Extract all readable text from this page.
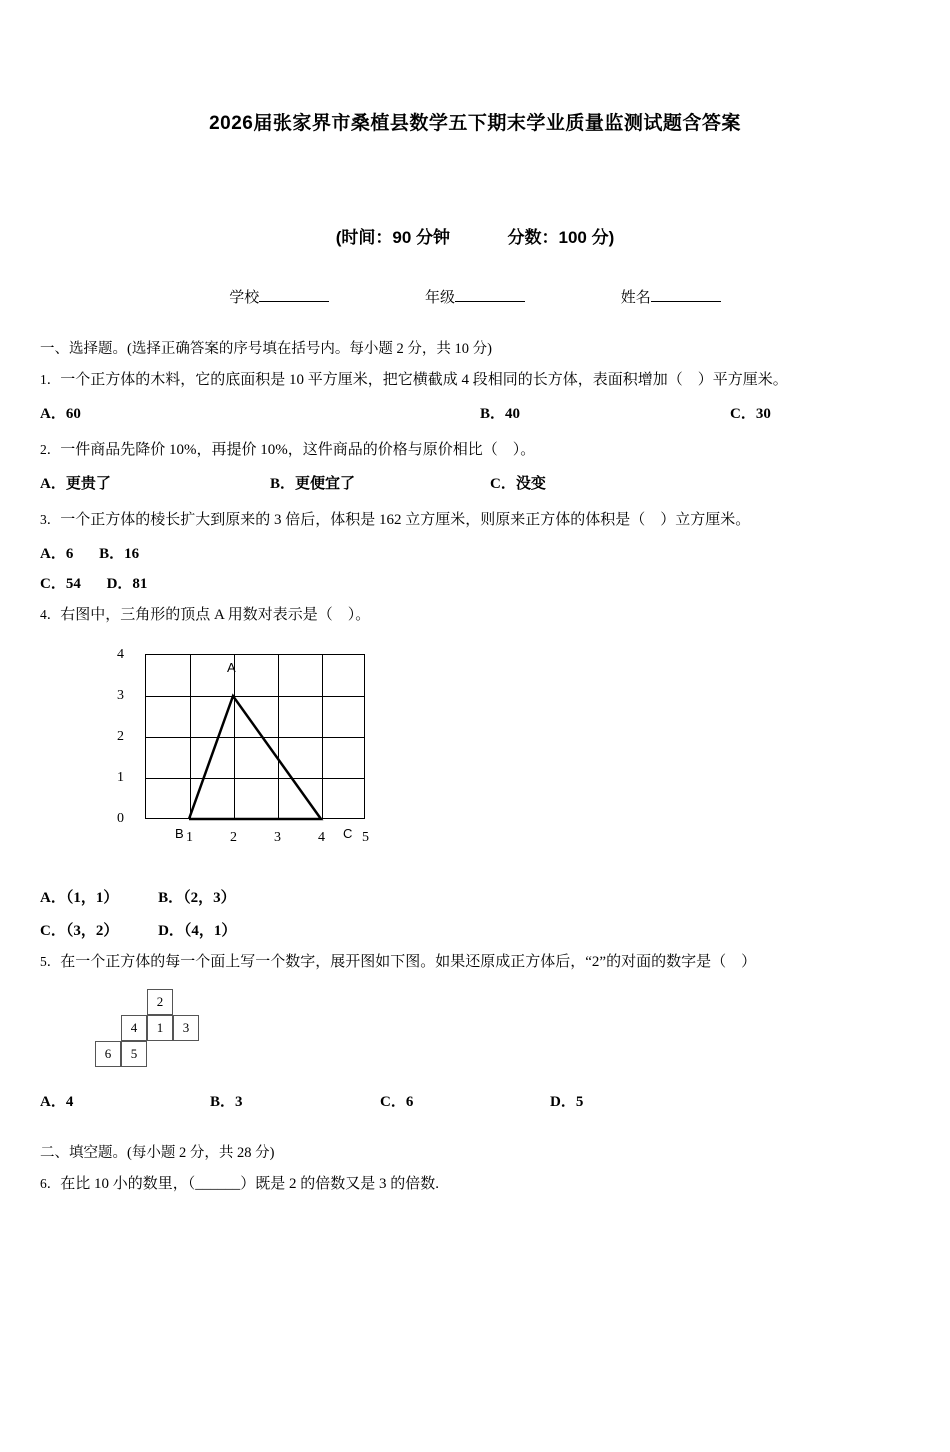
2026届张家界市桑植县数学五下期末学业质量监测试题含答案
(时间：90 分钟	分数：100 分)
学校	年级	姓名
一、选择题。(选择正确答案的序号填在括号内。每小题 2 分，共 10 分)
1．一个正方体的木料，它的底面积是 10 平方厘米，把它横截成 4 段相同的长方体，表面积增加（　）平方厘米。
A．60	B．40	C．30
2．一件商品先降价 10%，再提价 10%，这件商品的价格与原价相比（　）。
A．更贵了	B．更便宜了	C．没变
3．一个正方体的棱长扩大到原来的 3 倍后，体积是 162 立方厘米，则原来正方体的体积是（　）立方厘米。
A．6 B．16
C．54 D．81
4．右图中，三角形的顶点 A 用数对表示是（　）。
4
3
2
1
0
A
B	C
1	2	3	4	5
A．（1，1）	B．（2，3）
C．（3，2）	D．（4，1）
5．在一个正方体的每一个面上写一个数字，展开图如下图。如果还原成正方体后，“2”的对面的数字是（　）
2
4	1	3
6	5
A．4	B．3	C．6	D．5
二、填空题。(每小题 2 分，共 28 分)
6．在比 10 小的数里，（______）既是 2 的倍数又是 3 的倍数.
